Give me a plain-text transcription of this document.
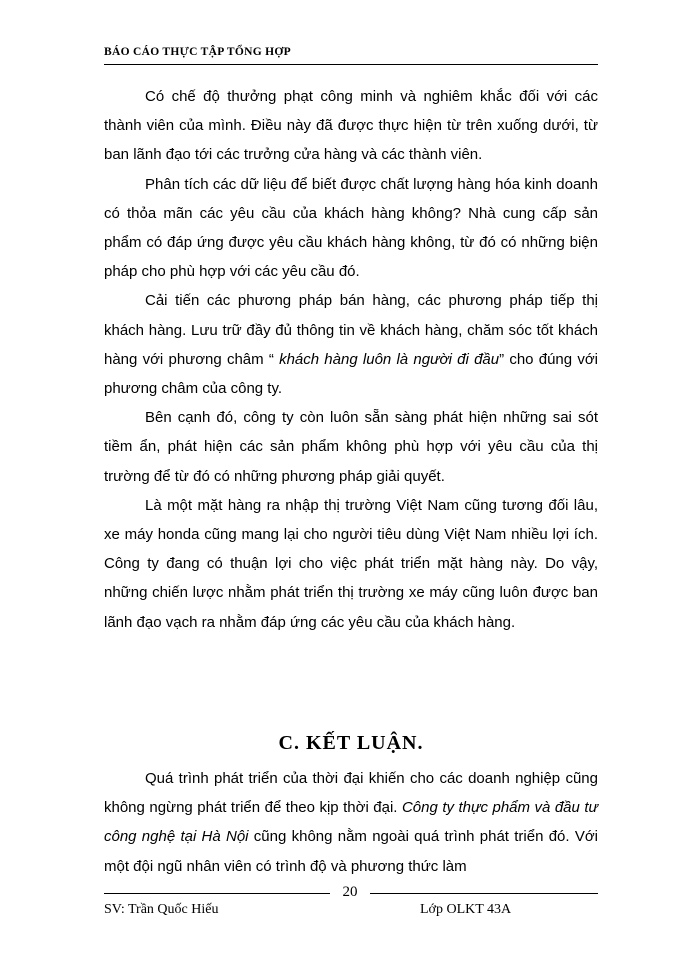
BÁO CÁO THỰC TẬP TỔNG HỢP

Có chế độ thưởng phạt công minh và nghiêm khắc đối với các thành viên của mình. Điều này đã được thực hiện từ trên xuống dưới, từ ban lãnh đạo tới các trưởng cửa hàng và các thành viên.

Phân tích các dữ liệu để biết được chất lượng hàng hóa kinh doanh có thỏa mãn các yêu cầu của khách hàng không? Nhà cung cấp sản phẩm có đáp ứng được yêu cầu khách hàng không, từ đó có những biện pháp cho phù hợp với các yêu cầu đó.

Cải tiến các phương pháp bán hàng, các phương pháp tiếp thị khách hàng. Lưu trữ đầy đủ thông tin về khách hàng, chăm sóc tốt khách hàng với phương châm “ khách hàng luôn là người đi đầu” cho đúng với phương châm của công ty.

Bên cạnh đó, công ty còn luôn sẵn sàng phát hiện những sai sót tiềm ẩn, phát hiện các sản phẩm không phù hợp với yêu cầu của thị trường để từ đó có những phương pháp giải quyết.

Là một mặt hàng ra nhập thị trường Việt Nam cũng tương đối lâu, xe máy honda cũng mang lại cho người tiêu dùng Việt Nam nhiều lợi ích. Công ty đang có thuận lợi cho việc phát triển mặt hàng này. Do vậy, những chiến lược nhằm phát triển thị trường xe máy cũng luôn được ban lãnh đạo vạch ra nhằm đáp ứng các yêu cầu của khách hàng.

C. KẾT LUẬN.

Quá trình phát triển của thời đại khiến cho các doanh nghiệp cũng không ngừng phát triển để theo kịp thời đại. Công ty thực phẩm và đầu tư công nghệ tại Hà Nội cũng không nằm ngoài quá trình phát triển đó. Với một đội ngũ nhân viên có trình độ và phương thức làm

20
SV: Trần Quốc Hiếu	Lớp OLKT 43A
